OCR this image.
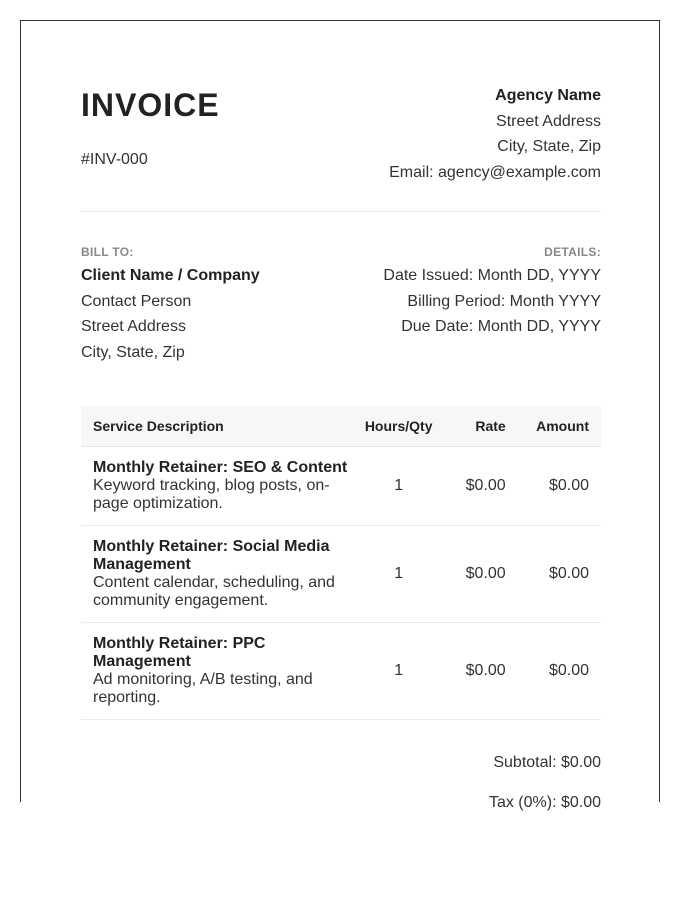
INVOICE
#INV-000
Agency Name
Street Address
City, State, Zip
Email: agency@example.com
BILL TO:
Client Name / Company
Contact Person
Street Address
City, State, Zip
DETAILS:
Date Issued: Month DD, YYYY
Billing Period: Month YYYY
Due Date: Month DD, YYYY
Service Description	Hours/Qty	Rate	Amount

Monthly Retainer: SEO & Content
Keyword tracking, blog posts, on-page optimization.	1	$0.00	$0.00

Monthly Retainer: Social Media Management
Content calendar, scheduling, and community engagement.	1	$0.00	$0.00

Monthly Retainer: PPC Management
Ad monitoring, A/B testing, and reporting.	1	$0.00	$0.00
Subtotal: $0.00
Tax (0%): $0.00
